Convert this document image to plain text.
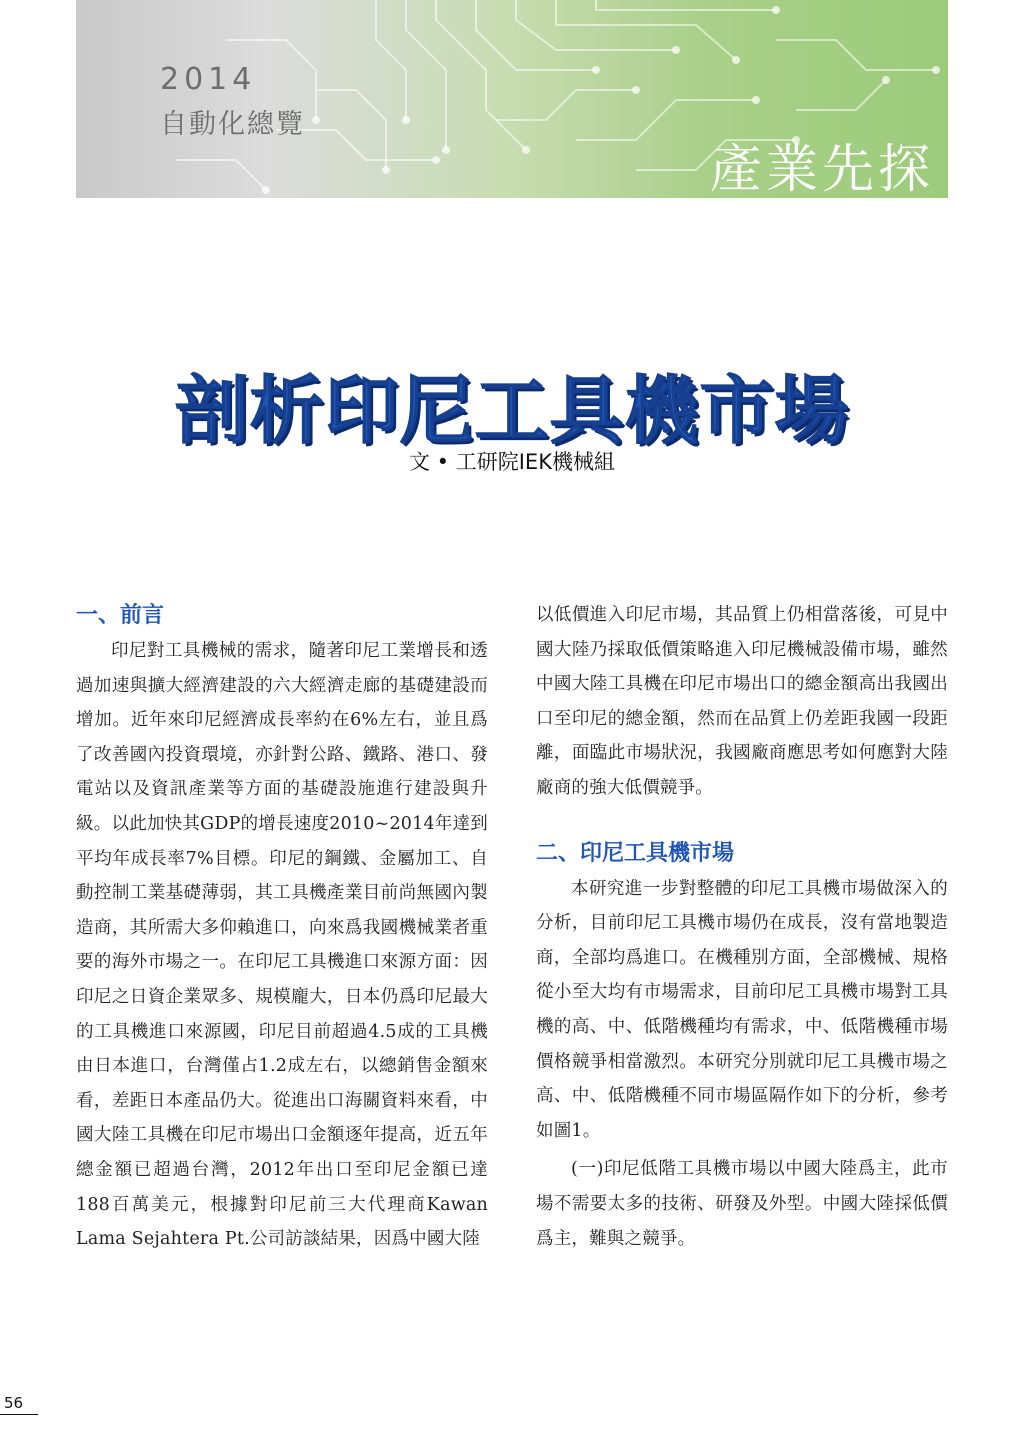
2014
自動化總覽
產業先探
剖析印尼工具機市場
文 • 工研院IEK機械組
一、前言

印尼對工具機械的需求，隨著印尼工業增長和透過加速與擴大經濟建設的六大經濟走廊的基礎建設而增加。近年來印尼經濟成長率約在6%左右，並且爲了改善國內投資環境，亦針對公路、鐵路、港口、發電站以及資訊產業等方面的基礎設施進行建設與升級。以此加快其GDP的增長速度2010~2014年達到平均年成長率7%目標。印尼的鋼鐵、金屬加工、自動控制工業基礎薄弱，其工具機產業目前尚無國內製造商，其所需大多仰賴進口，向來爲我國機械業者重要的海外市場之一。在印尼工具機進口來源方面：因印尼之日資企業眾多、規模龐大，日本仍爲印尼最大的工具機進口來源國，印尼目前超過4.5成的工具機由日本進口，台灣僅占1.2成左右，以總銷售金額來看，差距日本產品仍大。從進出口海關資料來看，中國大陸工具機在印尼市場出口金額逐年提高，近五年總金額已超過台灣，2012年出口至印尼金額已達188百萬美元，根據對印尼前三大代理商Kawan Lama Sejahtera Pt.公司訪談結果，因爲中國大陸

以低價進入印尼市場，其品質上仍相當落後，可見中國大陸乃採取低價策略進入印尼機械設備市場，雖然中國大陸工具機在印尼市場出口的總金額高出我國出口至印尼的總金額，然而在品質上仍差距我國一段距離，面臨此市場狀況，我國廠商應思考如何應對大陸廠商的強大低價競爭。

二、印尼工具機市場

本研究進一步對整體的印尼工具機市場做深入的分析，目前印尼工具機市場仍在成長，沒有當地製造商，全部均爲進口。在機種別方面，全部機械、規格從小至大均有市場需求，目前印尼工具機市場對工具機的高、中、低階機種均有需求，中、低階機種市場價格競爭相當激烈。本研究分別就印尼工具機市場之高、中、低階機種不同市場區隔作如下的分析，參考如圖1。

(一)印尼低階工具機市場以中國大陸爲主，此市場不需要太多的技術、研發及外型。中國大陸採低價爲主，難與之競爭。

56
